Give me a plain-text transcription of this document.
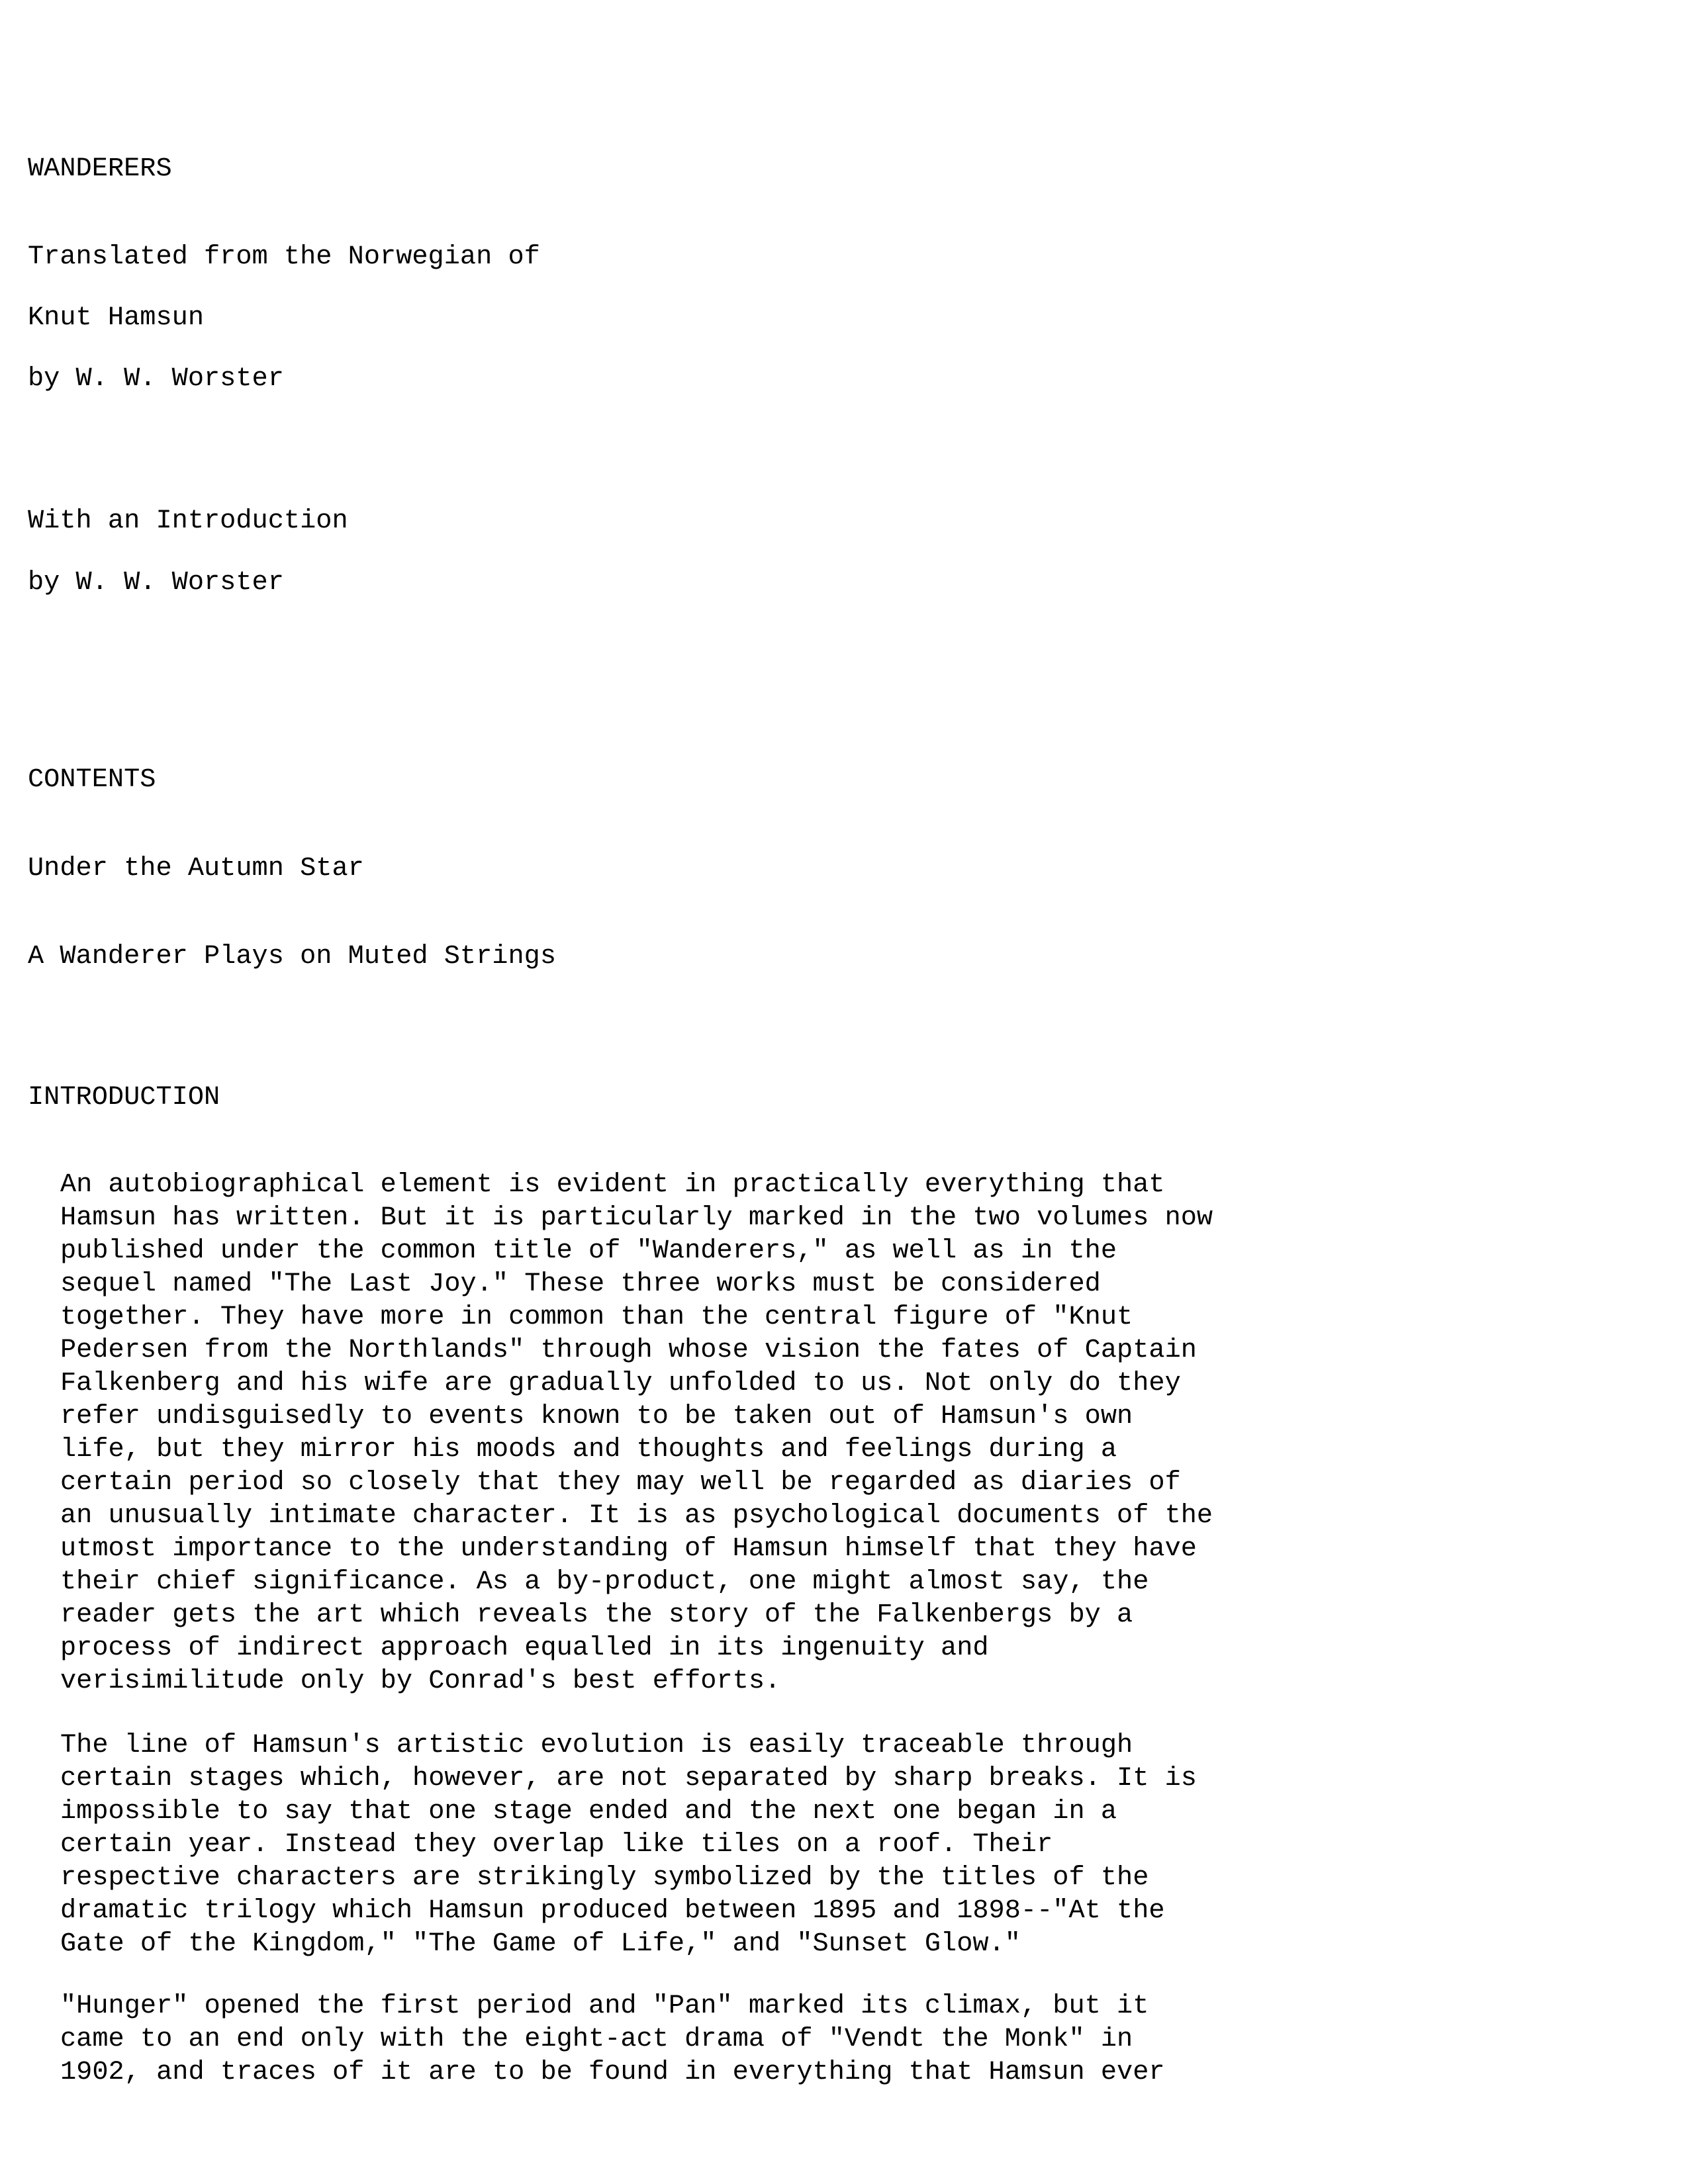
WANDERERS

Translated from the Norwegian of

Knut Hamsun

by W. W. Worster

With an Introduction

by W. W. Worster

CONTENTS

Under the Autumn Star

A Wanderer Plays on Muted Strings

INTRODUCTION

An autobiographical element is evident in practically everything that
Hamsun has written. But it is particularly marked in the two volumes now
published under the common title of "Wanderers," as well as in the
sequel named "The Last Joy." These three works must be considered
together. They have more in common than the central figure of "Knut
Pedersen from the Northlands" through whose vision the fates of Captain
Falkenberg and his wife are gradually unfolded to us. Not only do they
refer undisguisedly to events known to be taken out of Hamsun's own
life, but they mirror his moods and thoughts and feelings during a
certain period so closely that they may well be regarded as diaries of
an unusually intimate character. It is as psychological documents of the
utmost importance to the understanding of Hamsun himself that they have
their chief significance. As a by-product, one might almost say, the
reader gets the art which reveals the story of the Falkenbergs by a
process of indirect approach equalled in its ingenuity and
verisimilitude only by Conrad's best efforts.

The line of Hamsun's artistic evolution is easily traceable through
certain stages which, however, are not separated by sharp breaks. It is
impossible to say that one stage ended and the next one began in a
certain year. Instead they overlap like tiles on a roof. Their
respective characters are strikingly symbolized by the titles of the
dramatic trilogy which Hamsun produced between 1895 and 1898--"At the
Gate of the Kingdom," "The Game of Life," and "Sunset Glow."

"Hunger" opened the first period and "Pan" marked its climax, but it
came to an end only with the eight-act drama of "Vendt the Monk" in
1902, and traces of it are to be found in everything that Hamsun ever
